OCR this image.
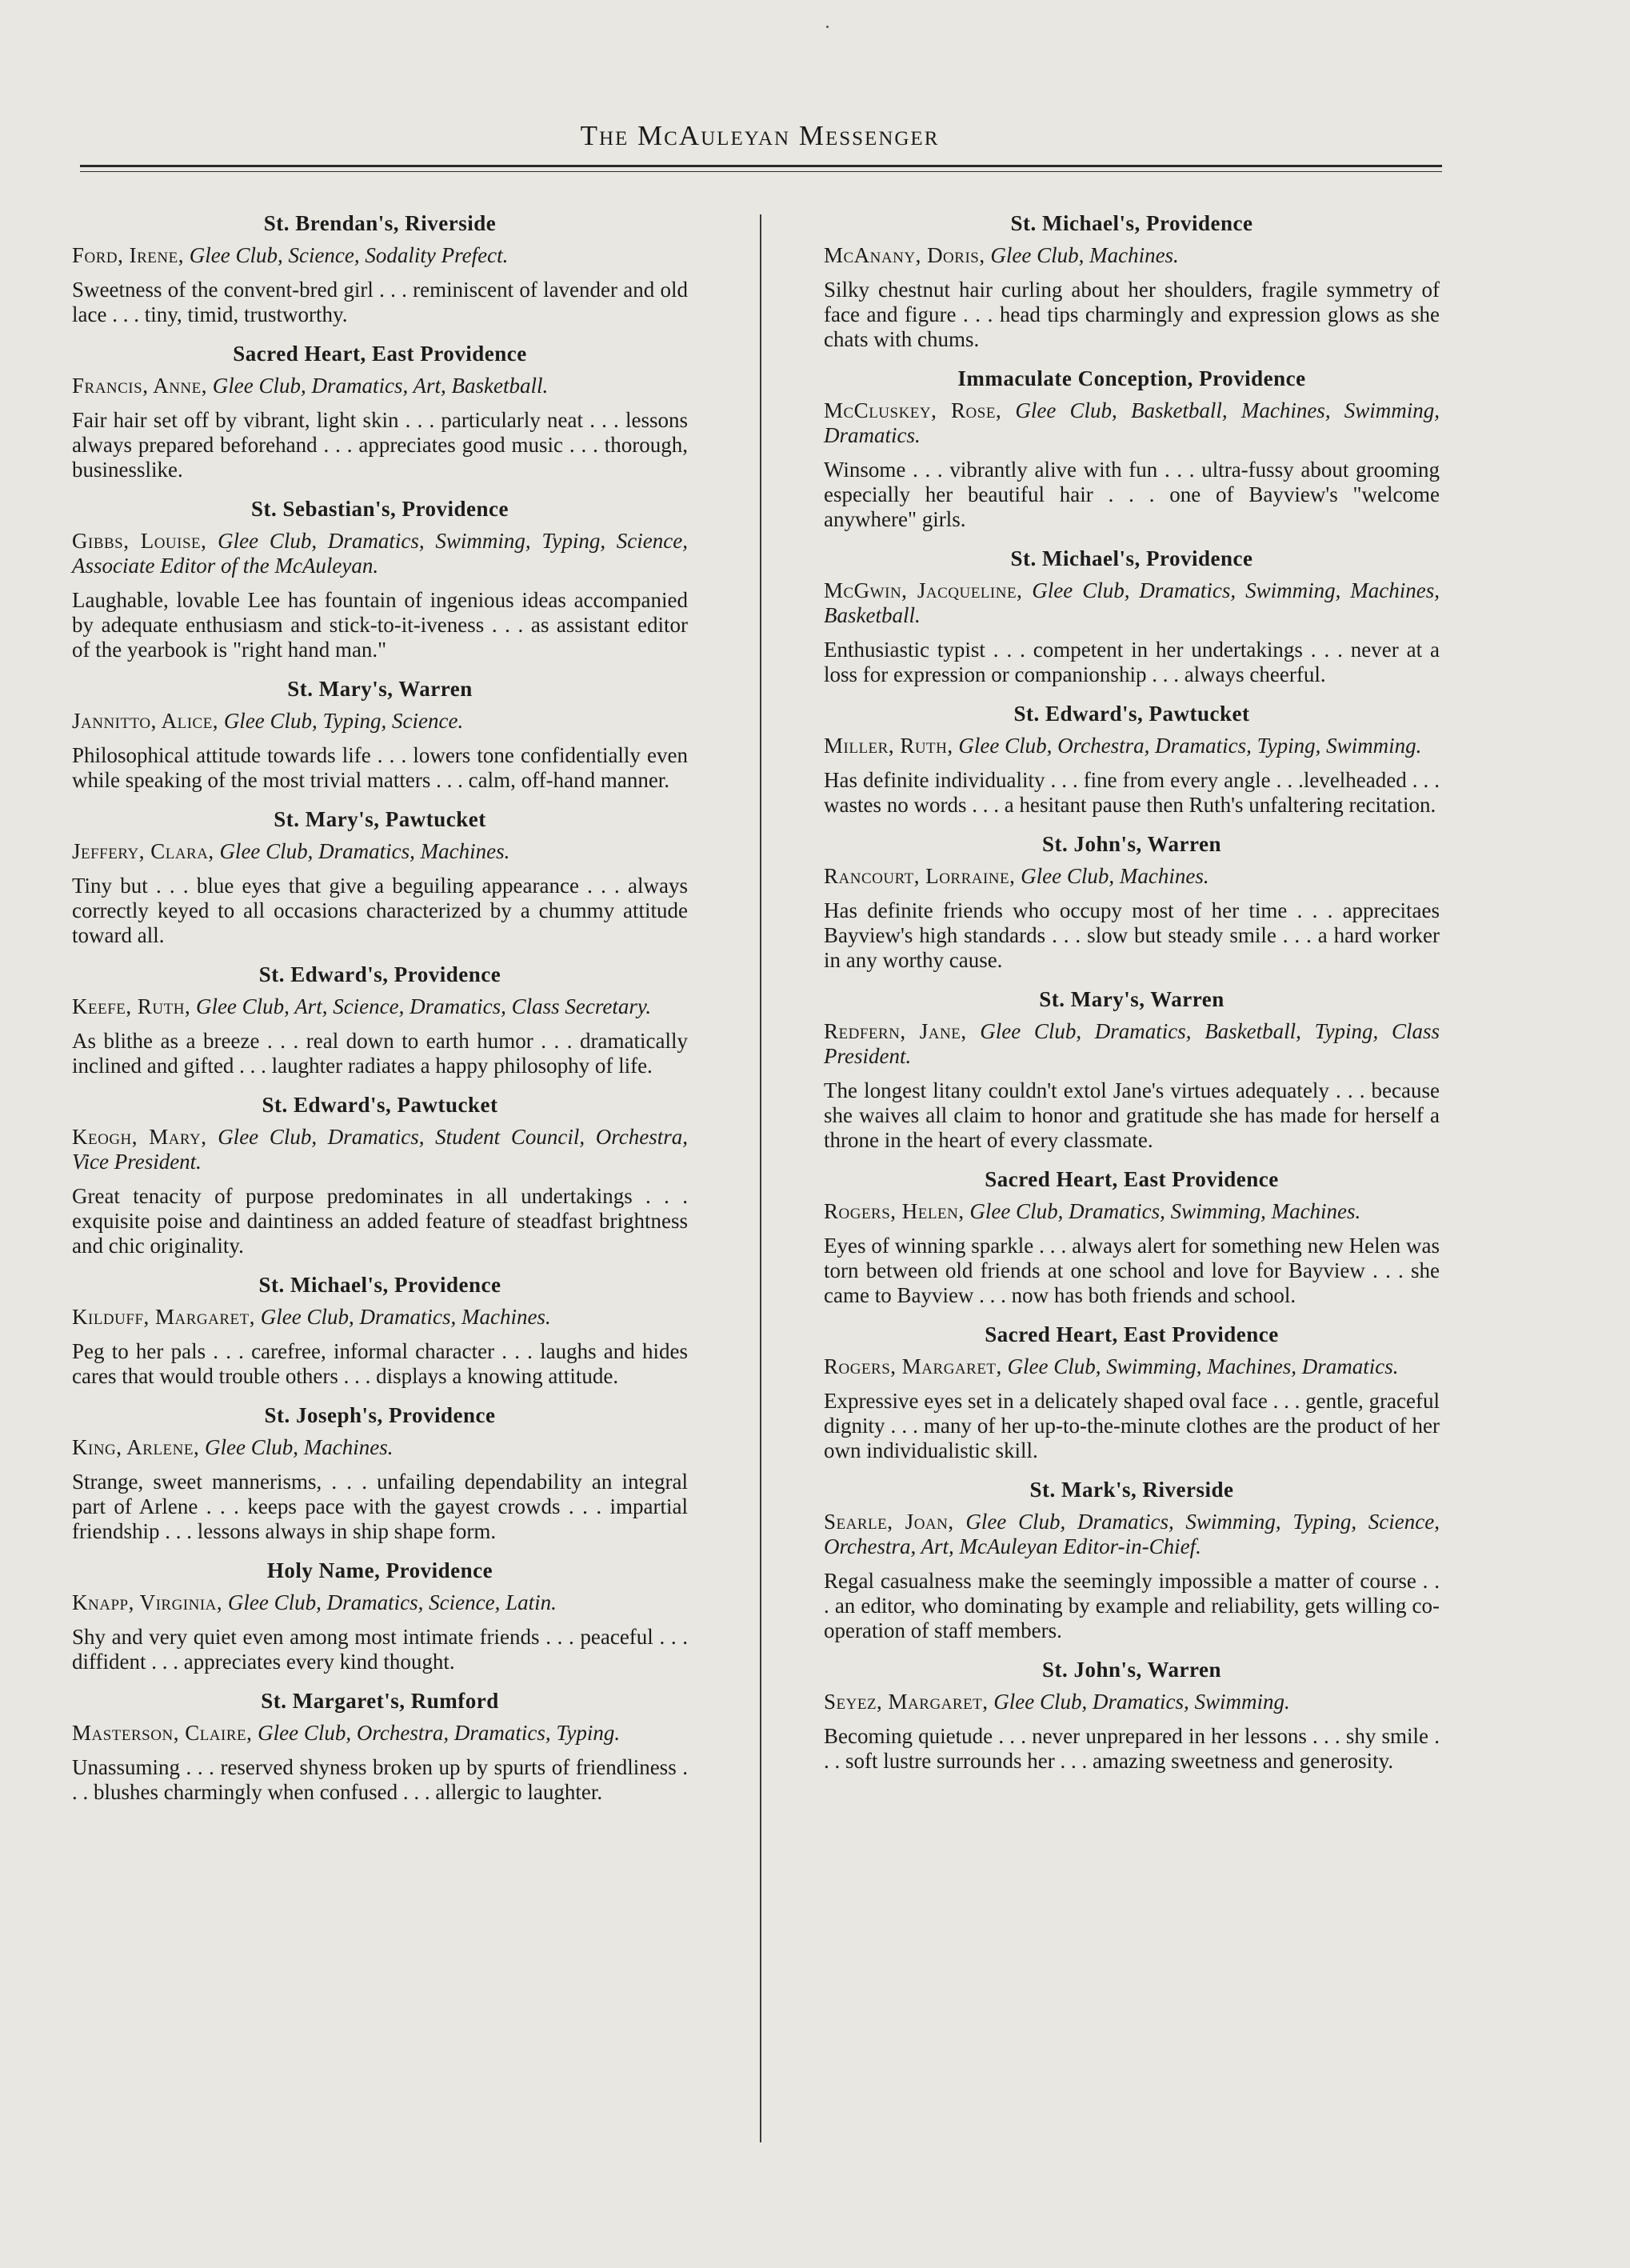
The McAuleyan Messenger
St. Brendan's, Riverside
Ford, Irene, Glee Club, Science, Sodality Prefect.
Sweetness of the convent-bred girl . . . reminiscent of lavender and old lace . . . tiny, timid, trustworthy.
Sacred Heart, East Providence
Francis, Anne, Glee Club, Dramatics, Art, Basketball.
Fair hair set off by vibrant, light skin . . . particularly neat . . . lessons always prepared beforehand . . . appreciates good music . . . thorough, businesslike.
St. Sebastian's, Providence
Gibbs, Louise, Glee Club, Dramatics, Swimming, Typing, Science, Associate Editor of the McAuleyan.
Laughable, lovable Lee has fountain of ingenious ideas accompanied by adequate enthusiasm and stick-to-it-iveness . . . as assistant editor of the yearbook is "right hand man."
St. Mary's, Warren
Jannitto, Alice, Glee Club, Typing, Science.
Philosophical attitude towards life . . . lowers tone confidentially even while speaking of the most trivial matters . . . calm, off-hand manner.
St. Mary's, Pawtucket
Jeffery, Clara, Glee Club, Dramatics, Machines.
Tiny but . . . blue eyes that give a beguiling appearance . . . always correctly keyed to all occasions characterized by a chummy attitude toward all.
St. Edward's, Providence
Keefe, Ruth, Glee Club, Art, Science, Dramatics, Class Secretary.
As blithe as a breeze . . . real down to earth humor . . . dramatically inclined and gifted . . . laughter radiates a happy philosophy of life.
St. Edward's, Pawtucket
Keogh, Mary, Glee Club, Dramatics, Student Council, Orchestra, Vice President.
Great tenacity of purpose predominates in all undertakings . . . exquisite poise and daintiness an added feature of steadfast brightness and chic originality.
St. Michael's, Providence
Kilduff, Margaret, Glee Club, Dramatics, Machines.
Peg to her pals . . . carefree, informal character . . . laughs and hides cares that would trouble others . . . displays a knowing attitude.
St. Joseph's, Providence
King, Arlene, Glee Club, Machines.
Strange, sweet mannerisms, . . . unfailing dependability an integral part of Arlene . . . keeps pace with the gayest crowds . . . impartial friendship . . . lessons always in ship shape form.
Holy Name, Providence
Knapp, Virginia, Glee Club, Dramatics, Science, Latin.
Shy and very quiet even among most intimate friends . . . peaceful . . . diffident . . . appreciates every kind thought.
St. Margaret's, Rumford
Masterson, Claire, Glee Club, Orchestra, Dramatics, Typing.
Unassuming . . . reserved shyness broken up by spurts of friendliness . . . blushes charmingly when confused . . . allergic to laughter.
St. Michael's, Providence
McAnany, Doris, Glee Club, Machines.
Silky chestnut hair curling about her shoulders, fragile symmetry of face and figure . . . head tips charmingly and expression glows as she chats with chums.
Immaculate Conception, Providence
McCluskey, Rose, Glee Club, Basketball, Machines, Swimming, Dramatics.
Winsome . . . vibrantly alive with fun . . . ultra-fussy about grooming especially her beautiful hair . . . one of Bayview's "welcome anywhere" girls.
St. Michael's, Providence
McGwin, Jacqueline, Glee Club, Dramatics, Swimming, Machines, Basketball.
Enthusiastic typist . . . competent in her undertakings . . . never at a loss for expression or companionship . . . always cheerful.
St. Edward's, Pawtucket
Miller, Ruth, Glee Club, Orchestra, Dramatics, Typing, Swimming.
Has definite individuality . . . fine from every angle . . .levelheaded . . . wastes no words . . . a hesitant pause then Ruth's unfaltering recitation.
St. John's, Warren
Rancourt, Lorraine, Glee Club, Machines.
Has definite friends who occupy most of her time . . . apprecitaes Bayview's high standards . . . slow but steady smile . . . a hard worker in any worthy cause.
St. Mary's, Warren
Redfern, Jane, Glee Club, Dramatics, Basketball, Typing, Class President.
The longest litany couldn't extol Jane's virtues adequately . . . because she waives all claim to honor and gratitude she has made for herself a throne in the heart of every classmate.
Sacred Heart, East Providence
Rogers, Helen, Glee Club, Dramatics, Swimming, Machines.
Eyes of winning sparkle . . . always alert for something new Helen was torn between old friends at one school and love for Bayview . . . she came to Bayview . . . now has both friends and school.
Sacred Heart, East Providence
Rogers, Margaret, Glee Club, Swimming, Machines, Dramatics.
Expressive eyes set in a delicately shaped oval face . . . gentle, graceful dignity . . . many of her up-to-the-minute clothes are the product of her own individualistic skill.
St. Mark's, Riverside
Searle, Joan, Glee Club, Dramatics, Swimming, Typing, Science, Orchestra, Art, McAuleyan Editor-in-Chief.
Regal casualness make the seemingly impossible a matter of course . . . an editor, who dominating by example and reliability, gets willing co-operation of staff members.
St. John's, Warren
Seyez, Margaret, Glee Club, Dramatics, Swimming.
Becoming quietude . . . never unprepared in her lessons . . . shy smile . . . soft lustre surrounds her . . . amazing sweetness and generosity.
